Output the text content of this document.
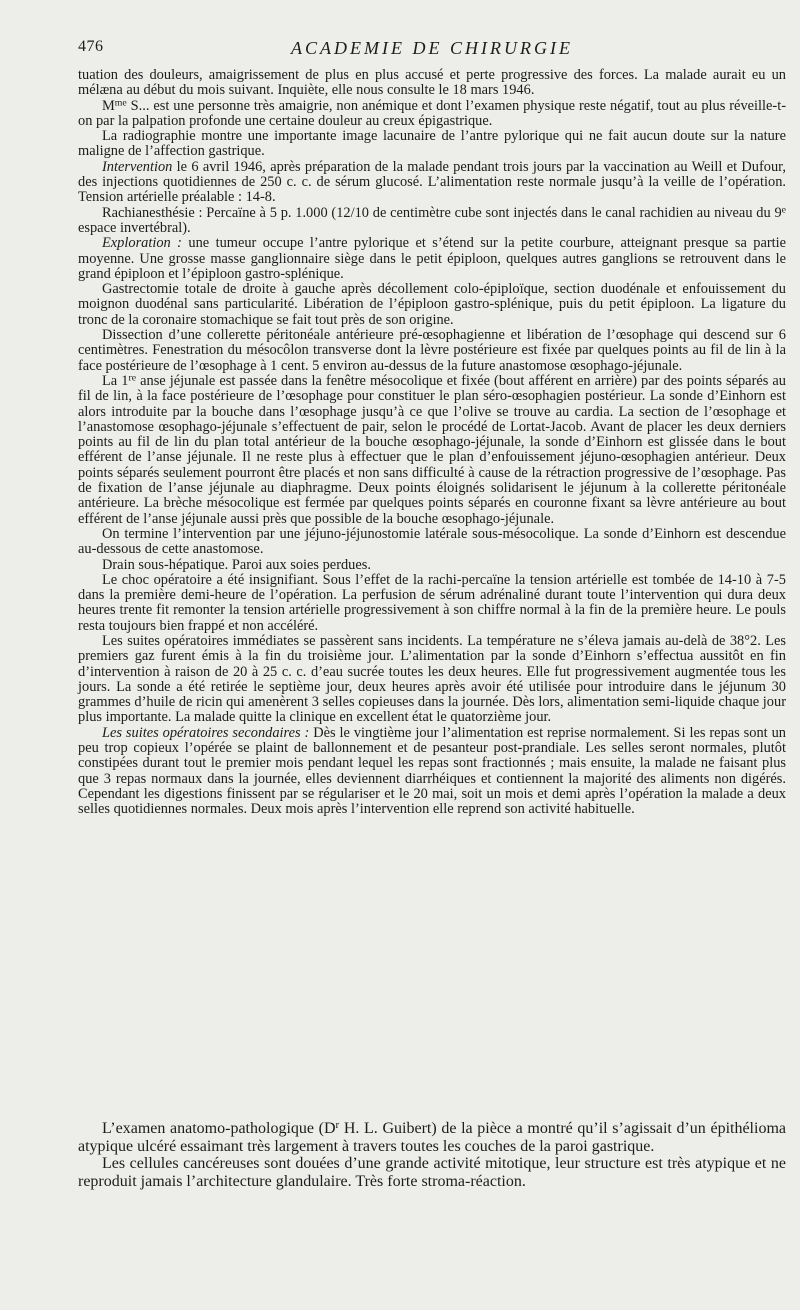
476	ACADEMIE DE CHIRURGIE

tuation des douleurs, amaigrissement de plus en plus accusé et perte progressive des forces. La malade aurait eu un mélæna au début du mois suivant. Inquiète, elle nous consulte le 18 mars 1946.

$M^{me}$ S... est une personne très amaigrie, non anémique et dont l’examen physique reste négatif, tout au plus réveille-t-on par la palpation profonde une certaine douleur au creux épigastrique.

La radiographie montre une importante image lacunaire de l’antre pylorique qui ne fait aucun doute sur la nature maligne de l’affection gastrique.

Intervention le 6 avril 1946, après préparation de la malade pendant trois jours par la vaccination au Weill et Dufour, des injections quotidiennes de 250 c. c. de sérum glucosé. L’alimentation reste normale jusqu’à la veille de l’opération. Tension artérielle préalable : 14-8.

Rachianesthésie : Percaïne à 5 p. 1.000 (12/10 de centimètre cube sont injectés dans le canal rachidien au niveau du 9e espace invertébral).

Exploration : une tumeur occupe l’antre pylorique et s’étend sur la petite courbure, atteignant presque sa partie moyenne. Une grosse masse ganglionnaire siège dans le petit épiploon, quelques autres ganglions se retrouvent dans le grand épiploon et l’épiploon gastro-splénique.

Gastrectomie totale de droite à gauche après décollement colo-épiploïque, section duodénale et enfouissement du moignon duodénal sans particularité. Libération de l’épiploon gastro-splénique, puis du petit épiploon. La ligature du tronc de la coronaire stomachique se fait tout près de son origine.

Dissection d’une collerette péritonéale antérieure pré-œsophagienne et libération de l’œsophage qui descend sur 6 centimètres. Fenestration du mésocôlon transverse dont la lèvre postérieure est fixée par quelques points au fil de lin à la face postérieure de l’œsophage à 1 cent. 5 environ au-dessus de la future anastomose œsophago-jéjunale.

La 1re anse jéjunale est passée dans la fenêtre mésocolique et fixée (bout afférent en arrière) par des points séparés au fil de lin, à la face postérieure de l’œsophage pour constituer le plan séro-œsophagien postérieur. La sonde d’Einhorn est alors introduite par la bouche dans l’œsophage jusqu’à ce que l’olive se trouve au cardia. La section de l’œsophage et l’anastomose œsophago-jéjunale s’effectuent de pair, selon le procédé de Lortat-Jacob. Avant de placer les deux derniers points au fil de lin du plan total antérieur de la bouche œsophago-jéjunale, la sonde d’Einhorn est glissée dans le bout efférent de l’anse jéjunale. Il ne reste plus à effectuer que le plan d’enfouissement jéjuno-œsophagien antérieur. Deux points séparés seulement pourront être placés et non sans difficulté à cause de la rétraction progressive de l’œsophage. Pas de fixation de l’anse jéjunale au diaphragme. Deux points éloignés solidarisent le jéjunum à la collerette péritonéale antérieure. La brèche mésocolique est fermée par quelques points séparés en couronne fixant sa lèvre antérieure au bout efférent de l’anse jéjunale aussi près que possible de la bouche œsophago-jéjunale.

On termine l’intervention par une jéjuno-jéjunostomie latérale sous-mésocolique. La sonde d’Einhorn est descendue au-dessous de cette anastomose.

Drain sous-hépatique. Paroi aux soies perdues.

Le choc opératoire a été insignifiant. Sous l’effet de la rachi-percaïne la tension artérielle est tombée de 14-10 à 7-5 dans la première demi-heure de l’opération. La perfusion de sérum adrénaliné durant toute l’intervention qui dura deux heures trente fit remonter la tension artérielle progressivement à son chiffre normal à la fin de la première heure. Le pouls resta toujours bien frappé et non accéléré.

Les suites opératoires immédiates se passèrent sans incidents. La température ne s’éleva jamais au-delà de 38°2. Les premiers gaz furent émis à la fin du troisième jour. L’alimentation par la sonde d’Einhorn s’effectua aussitôt en fin d’intervention à raison de 20 à 25 c. c. d’eau sucrée toutes les deux heures. Elle fut progressivement augmentée tous les jours. La sonde a été retirée le septième jour, deux heures après avoir été utilisée pour introduire dans le jéjunum 30 grammes d’huile de ricin qui amenèrent 3 selles copieuses dans la journée. Dès lors, alimentation semi-liquide chaque jour plus importante. La malade quitte la clinique en excellent état le quatorzième jour.

Les suites opératoires secondaires : Dès le vingtième jour l’alimentation est reprise normalement. Si les repas sont un peu trop copieux l’opérée se plaint de ballonnement et de pesanteur post-prandiale. Les selles seront normales, plutôt constipées durant tout le premier mois pendant lequel les repas sont fractionnés ; mais ensuite, la malade ne faisant plus que 3 repas normaux dans la journée, elles deviennent diarrhéiques et contiennent la majorité des aliments non digérés. Cependant les digestions finissent par se régulariser et le 20 mai, soit un mois et demi après l’opération la malade a deux selles quotidiennes normales. Deux mois après l’intervention elle reprend son activité habituelle.

L’examen anatomo-pathologique ($D^r$ H. L. Guibert) de la pièce a montré qu’il s’agissait d’un épithélioma atypique ulcéré essaimant très largement à travers toutes les couches de la paroi gastrique.

Les cellules cancéreuses sont douées d’une grande activité mitotique, leur structure est très atypique et ne reproduit jamais l’architecture glandulaire. Très forte stroma-réaction.
